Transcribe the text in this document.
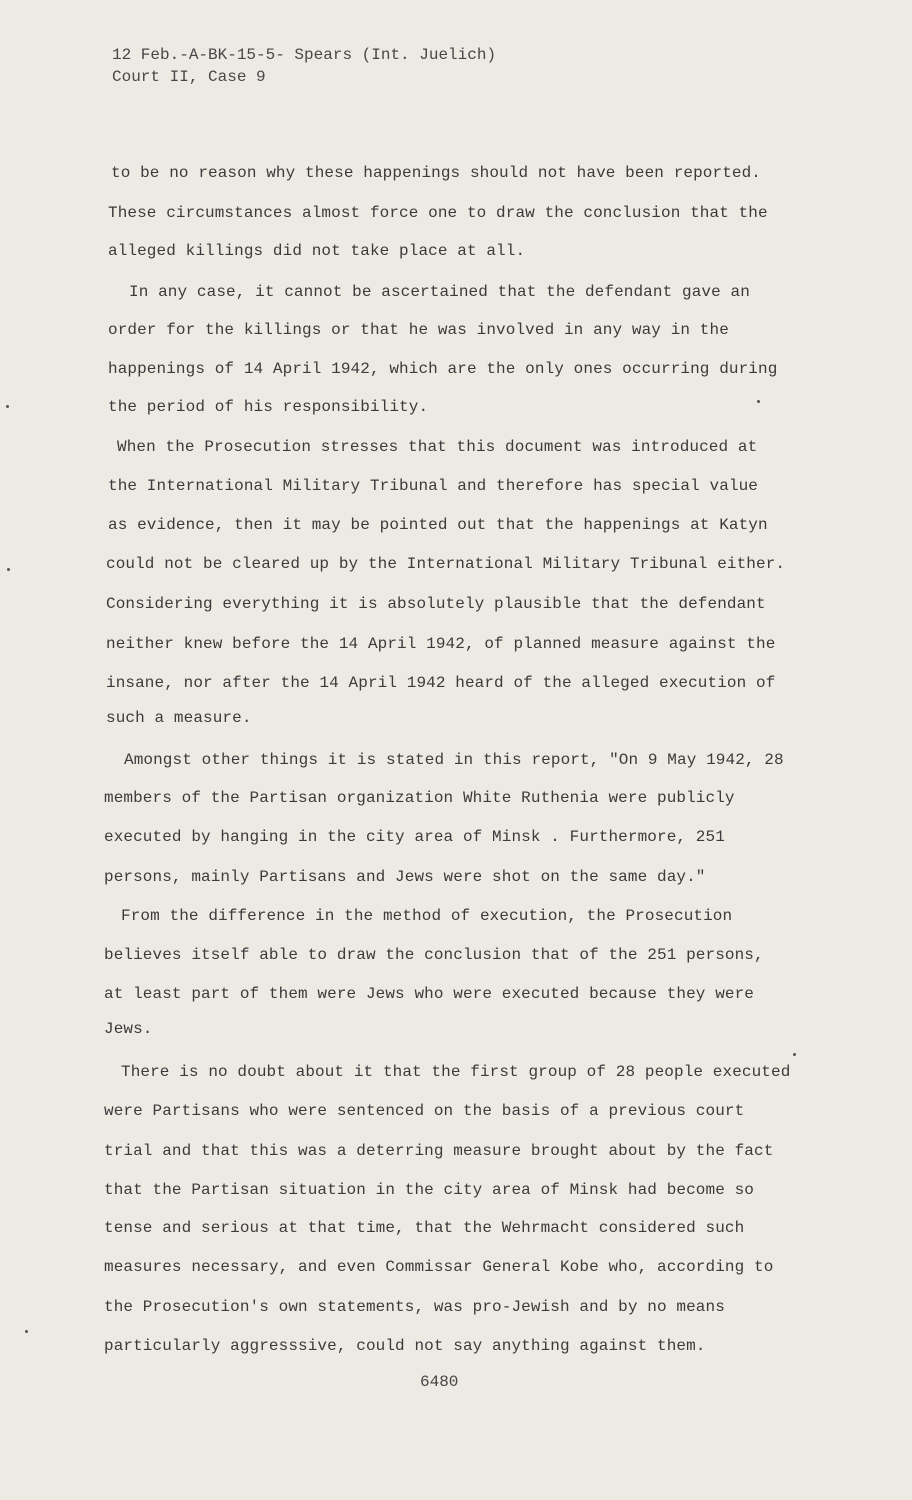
12 Feb.-A-BK-15-5- Spears (Int. Juelich)
Court II, Case 9
to be no reason why these happenings should not have been reported.
These circumstances almost force one to draw the conclusion that the
alleged killings did not take place at all.
In any case, it cannot be ascertained that the defendant gave an
order for the killings or that he was involved in any way in the
happenings of 14 April 1942, which are the only ones occurring during
the period of his responsibility.
When the Prosecution stresses that this document was introduced at
the International Military Tribunal and therefore has special value
as evidence, then it may be pointed out that the happenings at Katyn
could not be cleared up by the International Military Tribunal either.
Considering everything it is absolutely plausible that the defendant
neither knew before the 14 April 1942, of planned measure against the
insane, nor after the 14 April 1942 heard of the alleged execution of
such a measure.
Amongst other things it is stated in this report, "On 9 May 1942, 28
members of the Partisan organization White Ruthenia were publicly
executed by hanging in the city area of Minsk . Furthermore, 251
persons, mainly Partisans and Jews were shot on the same day."
From the difference in the method of execution, the Prosecution
believes itself able to draw the conclusion that of the 251 persons,
at least part of them were Jews who were executed because they were
Jews.
There is no doubt about it that the first group of 28 people executed
were Partisans who were sentenced on the basis of a previous court
trial and that this was a deterring measure brought about by the fact
that the Partisan situation in the city area of Minsk had become so
tense and serious at that time, that the Wehrmacht considered such
measures necessary, and even Commissar General Kobe who, according to
the Prosecution's own statements, was pro-Jewish and by no means
particularly aggresssive, could not say anything against them.
6480
